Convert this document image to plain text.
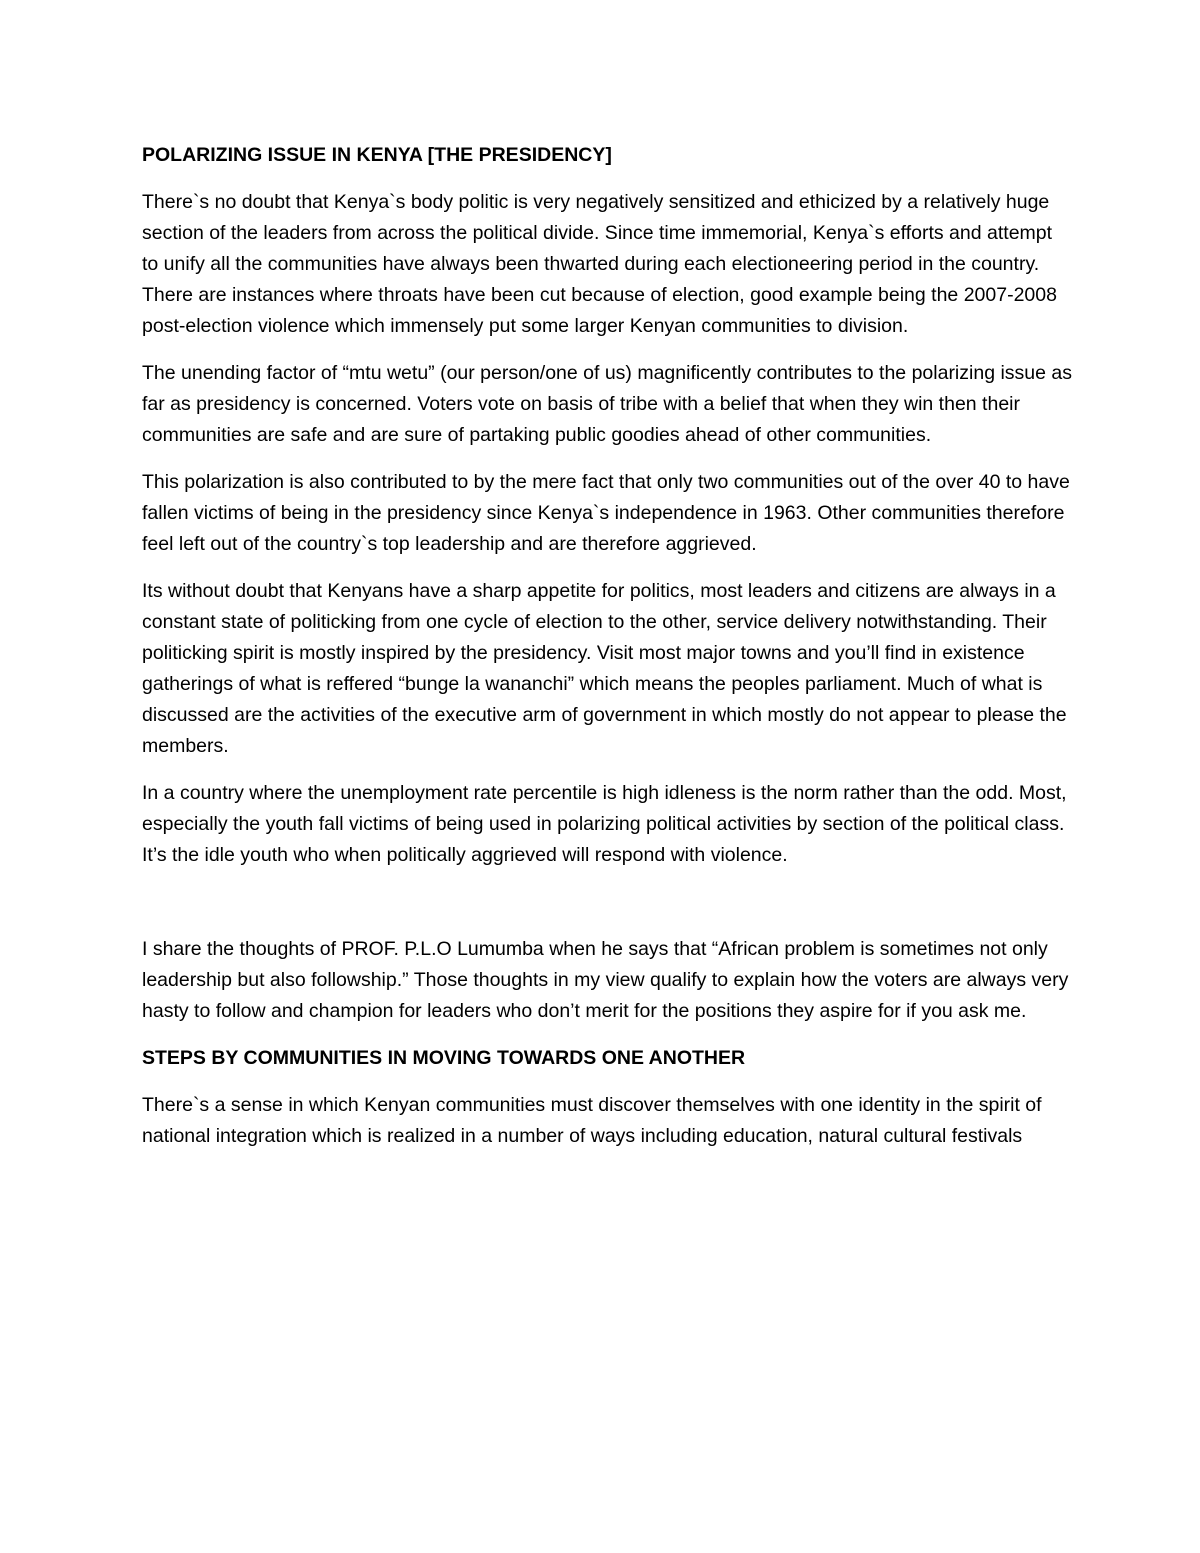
POLARIZING ISSUE IN KENYA [THE PRESIDENCY]

There`s no doubt that Kenya`s body politic is very negatively sensitized and ethicized by a relatively huge section of the leaders from across the political divide. Since time immemorial, Kenya`s efforts and attempt to unify all the communities have always been thwarted during each electioneering period in the country. There are instances where throats have been cut because of election, good example being the 2007-2008 post-election violence which immensely put some larger Kenyan communities to division.

The unending factor of “mtu wetu” (our person/one of us) magnificently contributes to the polarizing issue as far as presidency is concerned. Voters vote on basis of tribe with a belief that when they win then their communities are safe and are sure of partaking public goodies ahead of other communities.

This polarization is also contributed to by the mere fact that only two communities out of the over 40 to have fallen victims of being in the presidency since Kenya`s independence in 1963. Other communities therefore feel left out of the country`s top leadership and are therefore aggrieved.

Its without doubt that Kenyans have a sharp appetite for politics, most leaders and citizens are always in a constant state of politicking from one cycle of election to the other, service delivery notwithstanding. Their politicking spirit is mostly inspired by the presidency. Visit most major towns and you’ll find in existence gatherings of what is reffered “bunge la wananchi” which means the peoples parliament. Much of what is discussed are the activities of the executive arm of government in which mostly do not appear to please the members.

In a country where the unemployment rate percentile is high idleness is the norm rather than the odd. Most, especially the youth fall victims of being used in polarizing political activities by section of the political class. It’s the idle youth who when politically aggrieved will respond with violence.

I share the thoughts of PROF. P.L.O Lumumba when he says that “African problem is sometimes not only leadership but also followship.” Those thoughts in my view qualify to explain how the voters are always very hasty to follow and champion for leaders who don’t merit for the positions they aspire for if you ask me.

STEPS BY COMMUNITIES IN MOVING TOWARDS ONE ANOTHER

There`s a sense in which Kenyan communities must discover themselves with one identity in the spirit of national integration which is realized in a number of ways including education, natural cultural festivals
